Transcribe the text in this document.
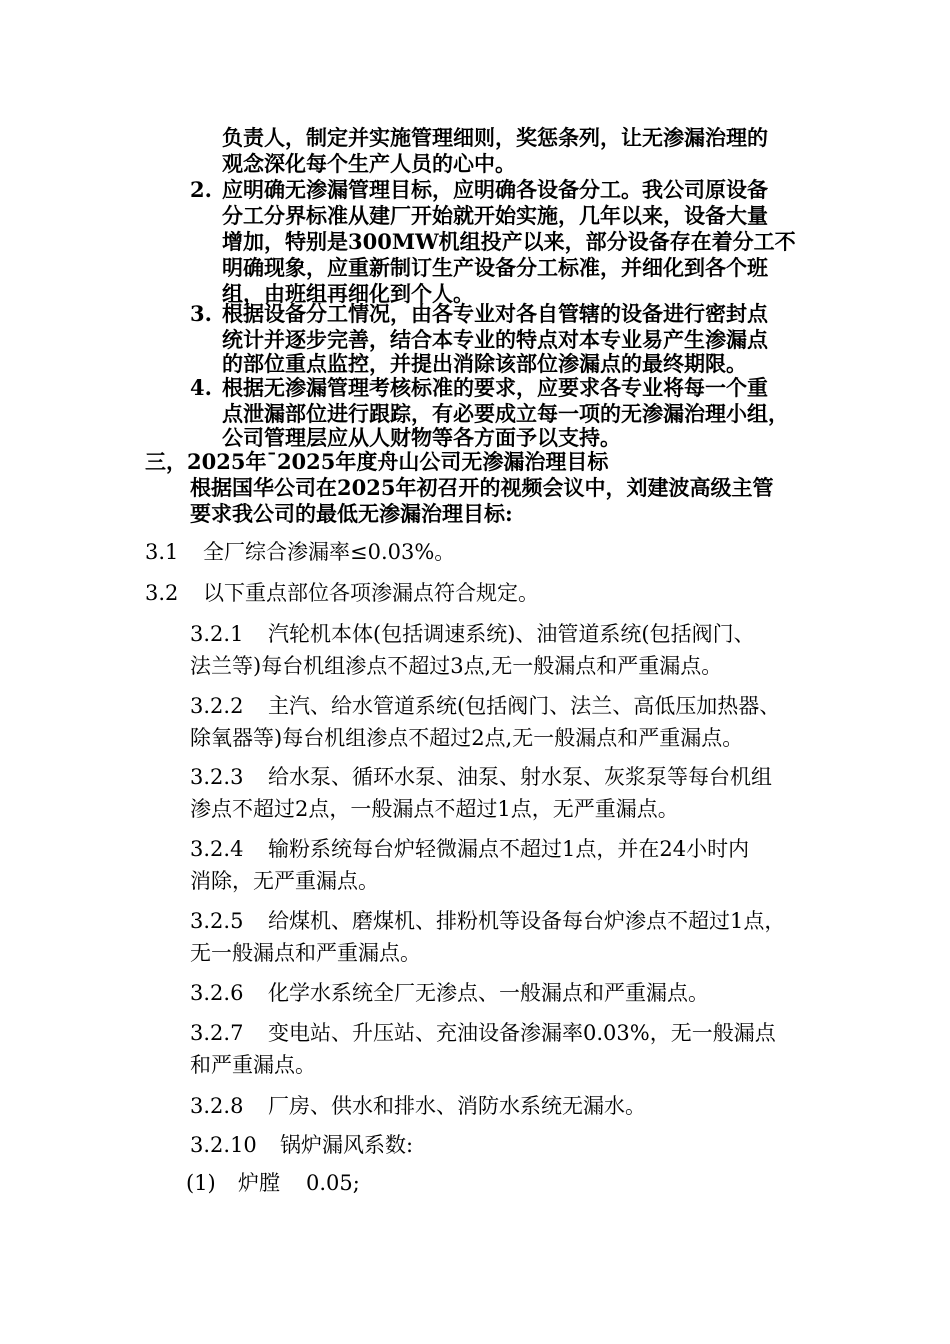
负责人，制定并实施管理细则，奖惩条列，让无渗漏治理的
观念深化每个生产人员的心中。
2. 应明确无渗漏管理目标，应明确各设备分工。我公司原设备
分工分界标准从建厂开始就开始实施，几年以来，设备大量
增加，特别是300MW机组投产以来，部分设备存在着分工不
明确现象，应重新制订生产设备分工标准，并细化到各个班
组，由班组再细化到个人。
3. 根据设备分工情况，由各专业对各自管辖的设备进行密封点
统计并逐步完善，结合本专业的特点对本专业易产生渗漏点
的部位重点监控，并提出消除该部位渗漏点的最终期限。
4. 根据无渗漏管理考核标准的要求，应要求各专业将每一个重
点泄漏部位进行跟踪，有必要成立每一项的无渗漏治理小组，
公司管理层应从人财物等各方面予以支持。
三，2025年¯2025年度舟山公司无渗漏治理目标
根据国华公司在2025年初召开的视频会议中，刘建波高级主管
要求我公司的最低无渗漏治理目标:
3.1 全厂综合渗漏率≤0.03%。
3.2 以下重点部位各项渗漏点符合规定。
3.2.1 汽轮机本体(包括调速系统)、油管道系统(包括阀门、
法兰等)每台机组渗点不超过3点,无一般漏点和严重漏点。
3.2.2 主汽、给水管道系统(包括阀门、法兰、高低压加热器、
除氧器等)每台机组渗点不超过2点,无一般漏点和严重漏点。
3.2.3 给水泵、循环水泵、油泵、射水泵、灰浆泵等每台机组
渗点不超过2点，一般漏点不超过1点，无严重漏点。
3.2.4 输粉系统每台炉轻微漏点不超过1点，并在24小时内
消除，无严重漏点。
3.2.5 给煤机、磨煤机、排粉机等设备每台炉渗点不超过1点，
无一般漏点和严重漏点。
3.2.6 化学水系统全厂无渗点、一般漏点和严重漏点。
3.2.7 变电站、升压站、充油设备渗漏率0.03%，无一般漏点
和严重漏点。
3.2.8 厂房、供水和排水、消防水系统无漏水。
3.2.10 锅炉漏风系数:
(1) 炉膛 0.05;
